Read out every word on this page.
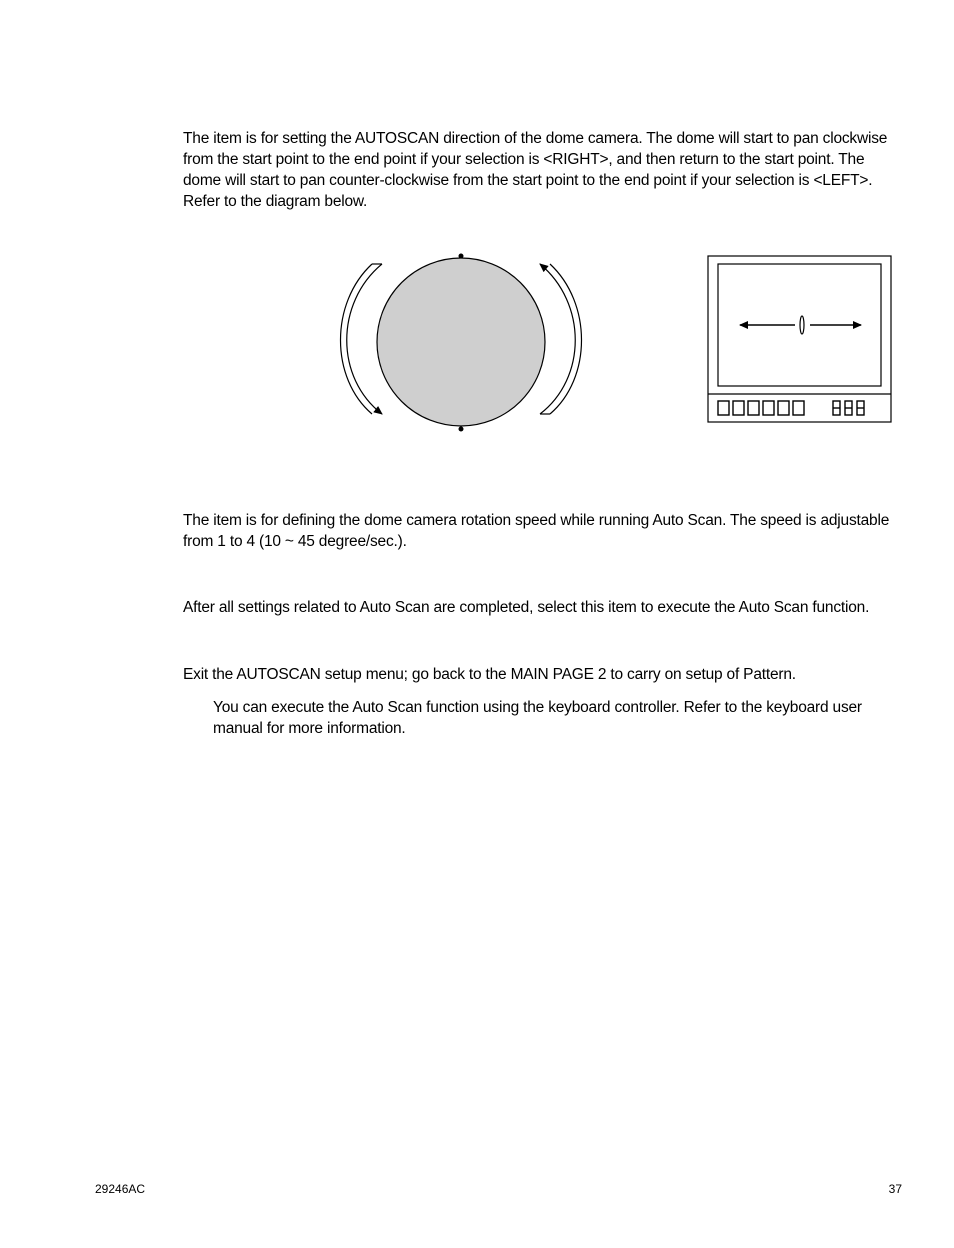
The item is for setting the AUTOSCAN direction of the dome camera. The dome will start to pan clockwise from the start point to the end point if your selection is <RIGHT>, and then return to the start point. The dome will start to pan counter-clockwise from the start point to the end point if your selection is <LEFT>. Refer to the diagram below.

The item is for defining the dome camera rotation speed while running Auto Scan. The speed is adjustable from 1 to 4 (10 ~ 45 degree/sec.).

After all settings related to Auto Scan are completed, select this item to execute the Auto Scan function.

Exit the AUTOSCAN setup menu; go back to the MAIN PAGE 2 to carry on setup of Pattern.

You can execute the Auto Scan function using the keyboard controller. Refer to the keyboard user manual for more information.

29246AC	37
